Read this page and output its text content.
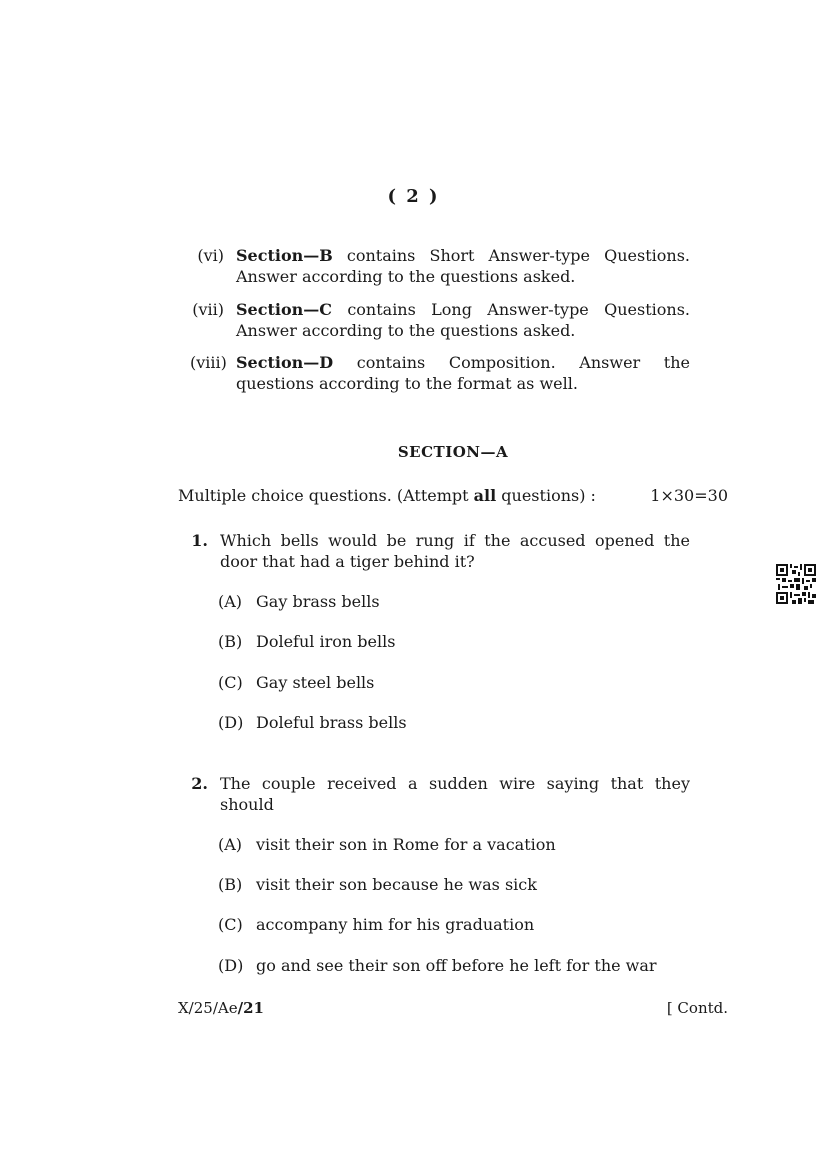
( 2 )
(vi) Section—B contains Short Answer-type Questions. Answer according to the questions asked.
(vii) Section—C contains Long Answer-type Questions. Answer according to the questions asked.
(viii) Section—D contains Composition. Answer the questions according to the format as well.
SECTION—A
Multiple choice questions. (Attempt all questions) :	1×30=30
1. Which bells would be rung if the accused opened the door that had a tiger behind it?
(A) Gay brass bells
(B) Doleful iron bells
(C) Gay steel bells
(D) Doleful brass bells
2. The couple received a sudden wire saying that they should
(A) visit their son in Rome for a vacation
(B) visit their son because he was sick
(C) accompany him for his graduation
(D) go and see their son off before he left for the war
X/25/Ae/21	[ Contd.
